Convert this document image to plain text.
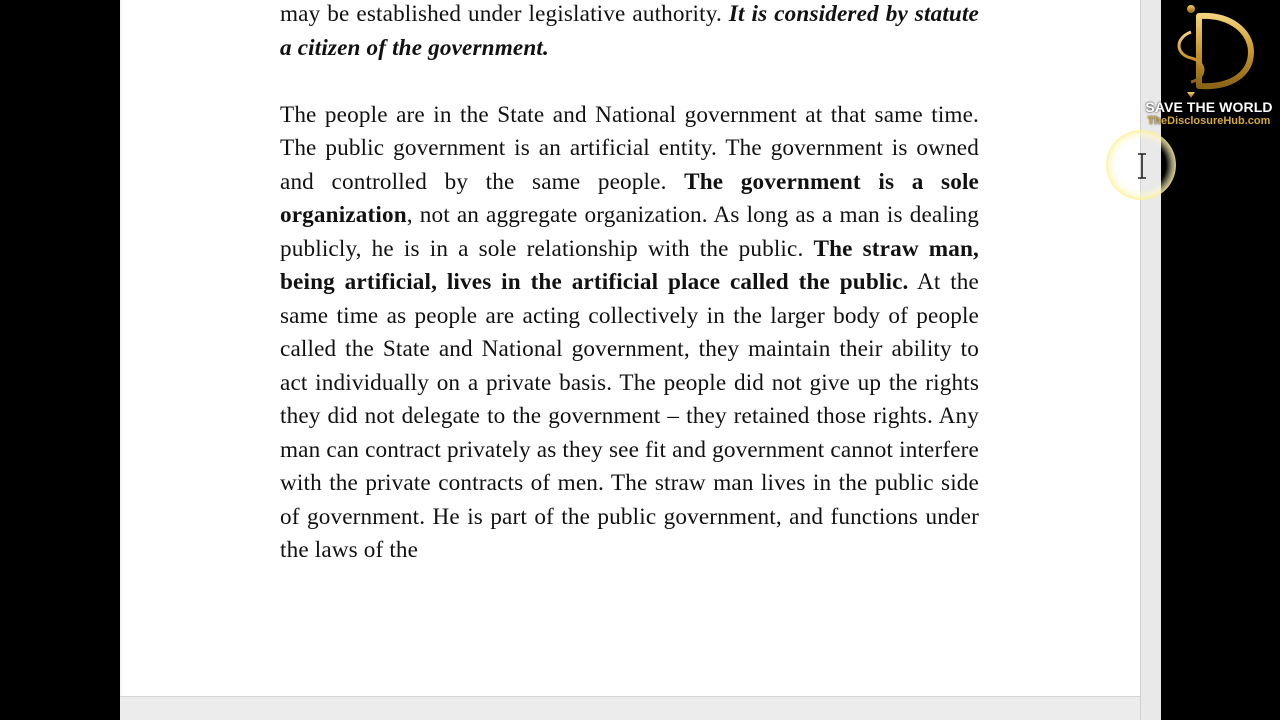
may be established under legislative authority. It is considered by statute a citizen of the government.

The people are in the State and National government at that same time. The public government is an artificial entity. The government is owned and controlled by the same people. The government is a sole organization, not an aggregate organization. As long as a man is dealing publicly, he is in a sole relationship with the public. The straw man, being artificial, lives in the artificial place called the public. At the same time as people are acting collectively in the larger body of people called the State and National government, they maintain their ability to act individually on a private basis. The people did not give up the rights they did not delegate to the government – they retained those rights. Any man can contract privately as they see fit and government cannot interfere with the private contracts of men. The straw man lives in the public side of government. He is part of the public government, and functions under the laws of the

SAVE THE WORLD
TheDisclosureHub.com
